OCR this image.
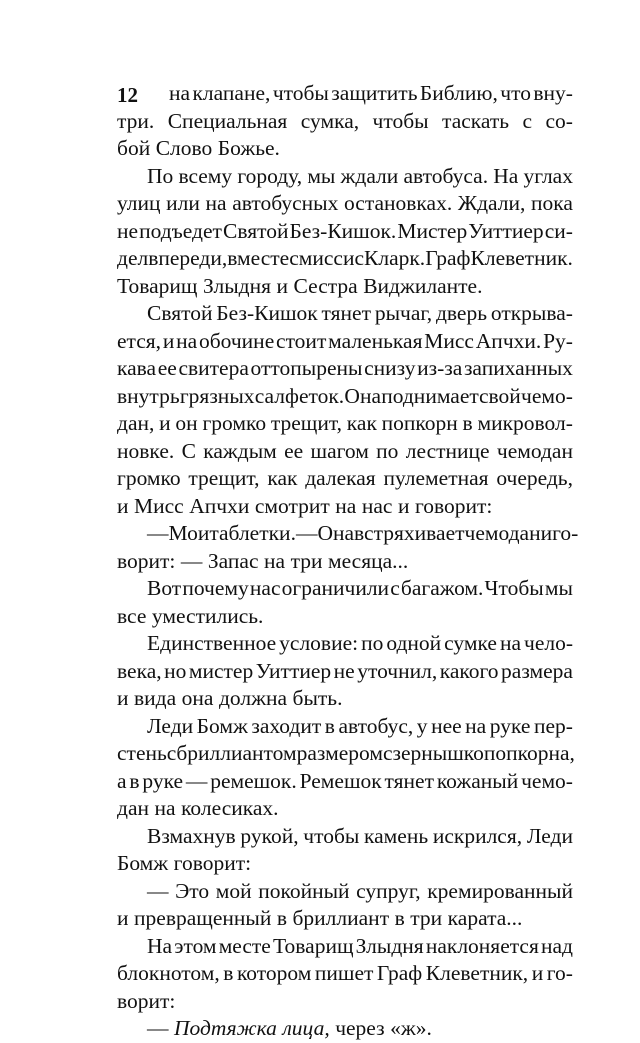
12 на клапане, чтобы защитить Библию, что вну-
три. Специальная сумка, чтобы таскать с со-
бой Слово Божье.
По всему городу, мы ждали автобуса. На углах
улиц или на автобусных остановках. Ждали, пока
не подъедет Святой Без-Кишок. Мистер Уиттиер си-
дел впереди, вместе с миссис Кларк. Граф Клеветник.
Товарищ Злыдня и Сестра Виджиланте.
Святой Без-Кишок тянет рычаг, дверь открыва-
ется, и на обочине стоит маленькая Мисс Апчхи. Ру-
кава ее свитера оттопырены снизу из-за запиханных
внутрь грязных салфеток. Она поднимает свой чемо-
дан, и он громко трещит, как попкорн в микровол-
новке. С каждым ее шагом по лестнице чемодан
громко трещит, как далекая пулеметная очередь,
и Мисс Апчхи смотрит на нас и говорит:
— Мои таблетки. — Она встряхивает чемодан и го-
ворит: — Запас на три месяца...
Вот почему нас ограничили с багажом. Чтобы мы
все уместились.
Единственное условие: по одной сумке на чело-
века, но мистер Уиттиер не уточнил, какого размера
и вида она должна быть.
Леди Бомж заходит в автобус, у нее на руке пер-
стень с бриллиантом размером с зернышко попкорна,
а в руке — ремешок. Ремешок тянет кожаный чемо-
дан на колесиках.
Взмахнув рукой, чтобы камень искрился, Леди
Бомж говорит:
— Это мой покойный супруг, кремированный
и превращенный в бриллиант в три карата...
На этом месте Товарищ Злыдня наклоняется над
блокнотом, в котором пишет Граф Клеветник, и го-
ворит:
— Подтяжка лица, через «ж».
